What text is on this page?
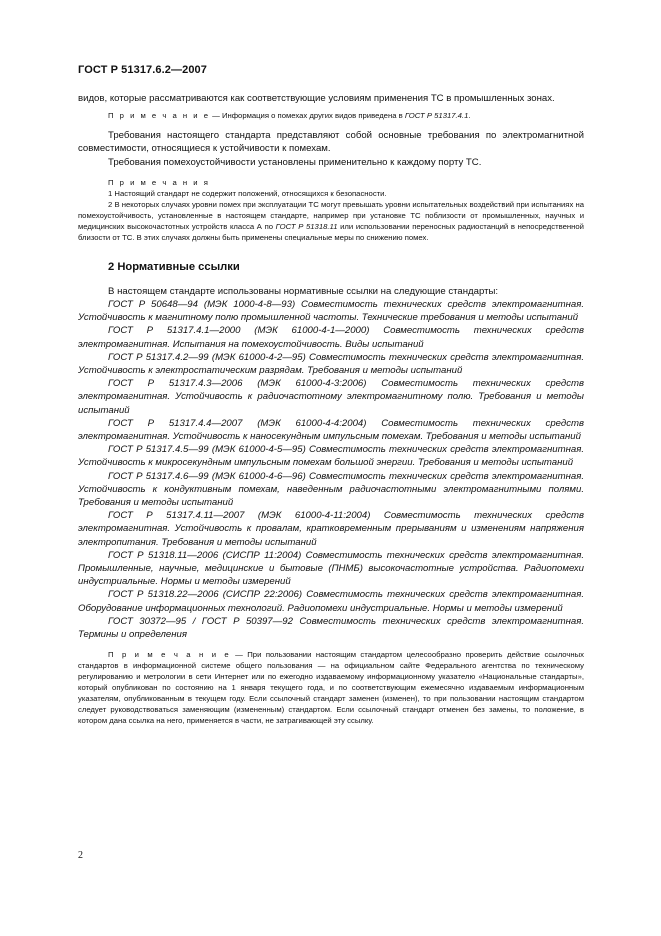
ГОСТ Р 51317.6.2—2007

видов, которые рассматриваются как соответствующие условиям применения ТС в промышленных зонах.

П р и м е ч а н и е — Информация о помехах других видов приведена в ГОСТ Р 51317.4.1.

Требования настоящего стандарта представляют собой основные требования по электромагнитной совместимости, относящиеся к устойчивости к помехам.

Требования помехоустойчивости установлены применительно к каждому порту ТС.

П р и м е ч а н и я

1 Настоящий стандарт не содержит положений, относящихся к безопасности.

2 В некоторых случаях уровни помех при эксплуатации ТС могут превышать уровни испытательных воздействий при испытаниях на помехоустойчивость, установленные в настоящем стандарте, например при установке ТС поблизости от промышленных, научных и медицинских высокочастотных устройств класса А по ГОСТ Р 51318.11 или использовании переносных радиостанций в непосредственной близости от ТС. В этих случаях должны быть применены специальные меры по снижению помех.

2 Нормативные ссылки

В настоящем стандарте использованы нормативные ссылки на следующие стандарты:

ГОСТ Р 50648—94 (МЭК 1000-4-8—93) Совместимость технических средств электромагнитная. Устойчивость к магнитному полю промышленной частоты. Технические требования и методы испытаний

ГОСТ Р 51317.4.1—2000 (МЭК 61000-4-1—2000) Совместимость технических средств электромагнитная. Испытания на помехоустойчивость. Виды испытаний

ГОСТ Р 51317.4.2—99 (МЭК 61000-4-2—95) Совместимость технических средств электромагнитная. Устойчивость к электростатическим разрядам. Требования и методы испытаний

ГОСТ Р 51317.4.3—2006 (МЭК 61000-4-3:2006) Совместимость технических средств электромагнитная. Устойчивость к радиочастотному электромагнитному полю. Требования и методы испытаний

ГОСТ Р 51317.4.4—2007 (МЭК 61000-4-4:2004) Совместимость технических средств электромагнитная. Устойчивость к наносекундным импульсным помехам. Требования и методы испытаний

ГОСТ Р 51317.4.5—99 (МЭК 61000-4-5—95) Совместимость технических средств электромагнитная. Устойчивость к микросекундным импульсным помехам большой энергии. Требования и методы испытаний

ГОСТ Р 51317.4.6—99 (МЭК 61000-4-6—96) Совместимость технических средств электромагнитная. Устойчивость к кондуктивным помехам, наведенным радиочастотными электромагнитными полями. Требования и методы испытаний

ГОСТ Р 51317.4.11—2007 (МЭК 61000-4-11:2004) Совместимость технических средств электромагнитная. Устойчивость к провалам, кратковременным прерываниям и изменениям напряжения электропитания. Требования и методы испытаний

ГОСТ Р 51318.11—2006 (СИСПР 11:2004) Совместимость технических средств электромагнитная. Промышленные, научные, медицинские и бытовые (ПНМБ) высокочастотные устройства. Радиопомехи индустриальные. Нормы и методы измерений

ГОСТ Р 51318.22—2006 (СИСПР 22:2006) Совместимость технических средств электромагнитная. Оборудование информационных технологий. Радиопомехи индустриальные. Нормы и методы измерений

ГОСТ 30372—95 / ГОСТ Р 50397—92 Совместимость технических средств электромагнитная. Термины и определения

П р и м е ч а н и е — При пользовании настоящим стандартом целесообразно проверить действие ссылочных стандартов в информационной системе общего пользования — на официальном сайте Федерального агентства по техническому регулированию и метрологии в сети Интернет или по ежегодно издаваемому информационному указателю «Национальные стандарты», который опубликован по состоянию на 1 января текущего года, и по соответствующим ежемесячно издаваемым информационным указателям, опубликованным в текущем году. Если ссылочный стандарт заменен (изменен), то при пользовании настоящим стандартом следует руководствоваться заменяющим (измененным) стандартом. Если ссылочный стандарт отменен без замены, то положение, в котором дана ссылка на него, применяется в части, не затрагивающей эту ссылку.

2
